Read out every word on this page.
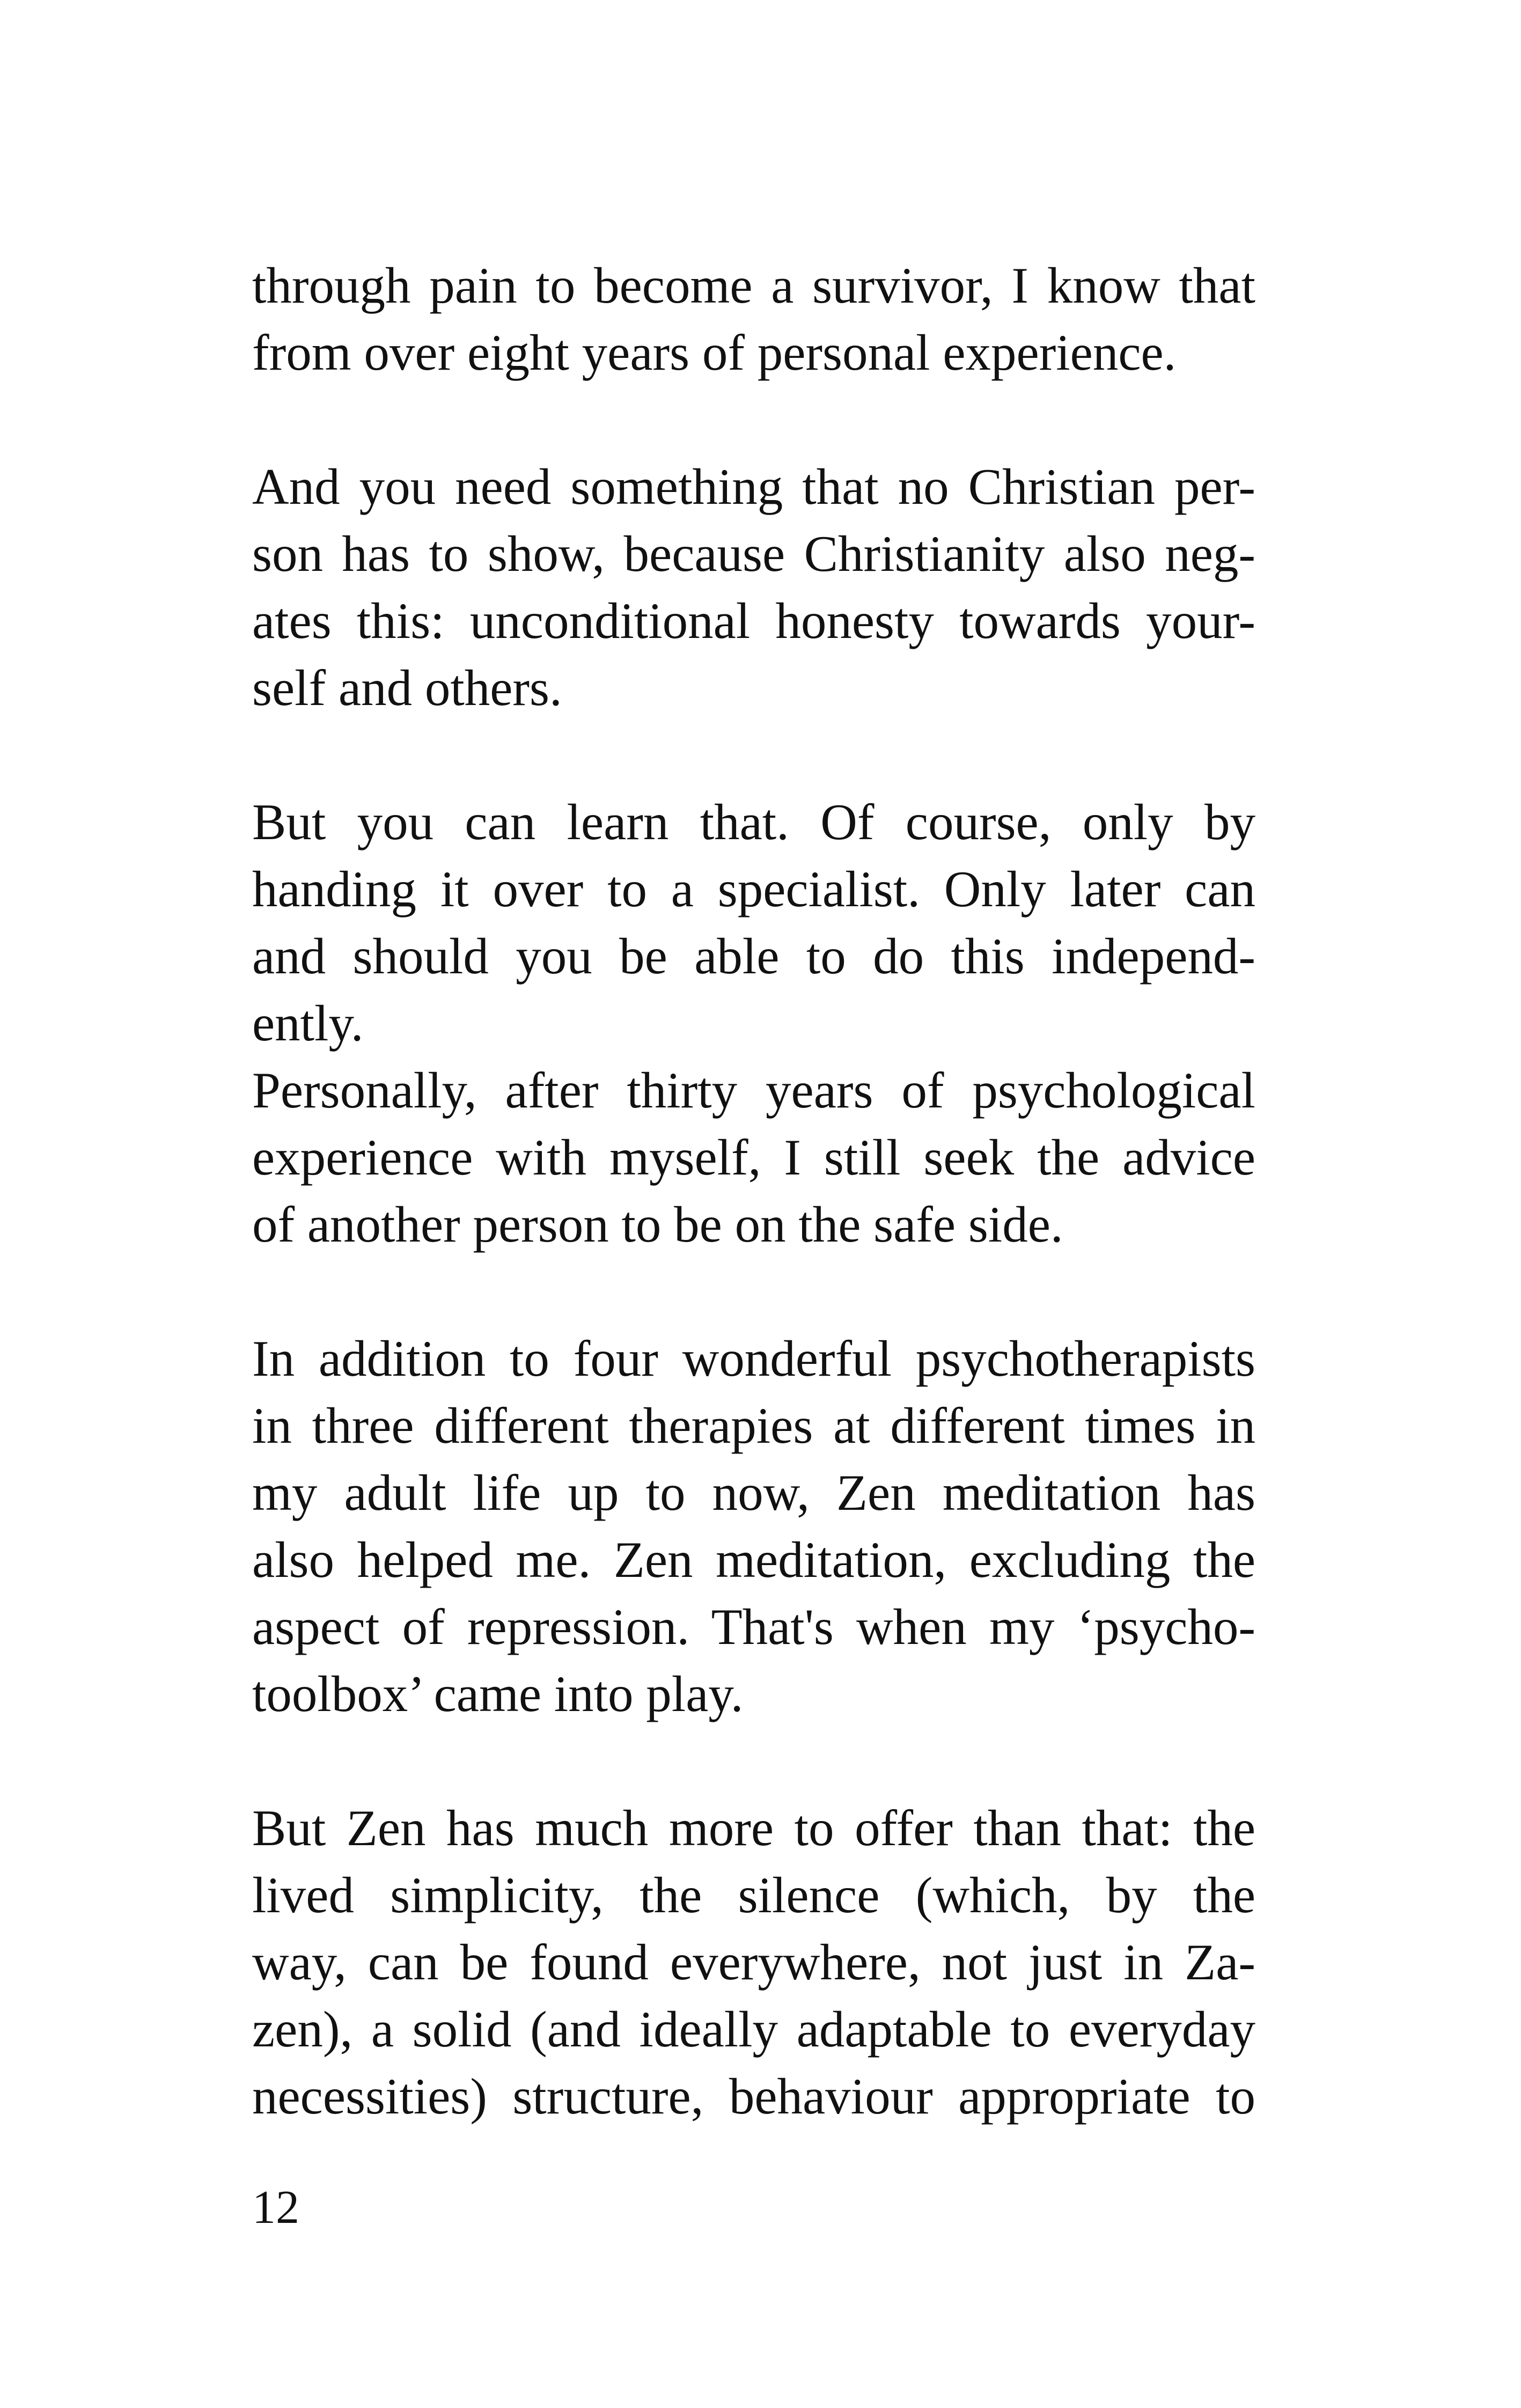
through pain to become a survivor, I know that
from over eight years of personal experience.
And you need something that no Christian per-
son has to show, because Christianity also neg-
ates this: unconditional honesty towards your-
self and others.
But you can learn that. Of course, only by
handing it over to a specialist. Only later can
and should you be able to do this independ-
ently.
Personally, after thirty years of psychological
experience with myself, I still seek the advice
of another person to be on the safe side.
In addition to four wonderful psychotherapists
in three different therapies at different times in
my adult life up to now, Zen meditation has
also helped me. Zen meditation, excluding the
aspect of repression. That's when my ‘psycho-
toolbox’ came into play.
But Zen has much more to offer than that: the
lived simplicity, the silence (which, by the
way, can be found everywhere, not just in Za-
zen), a solid (and ideally adaptable to everyday
necessities) structure, behaviour appropriate to
12
